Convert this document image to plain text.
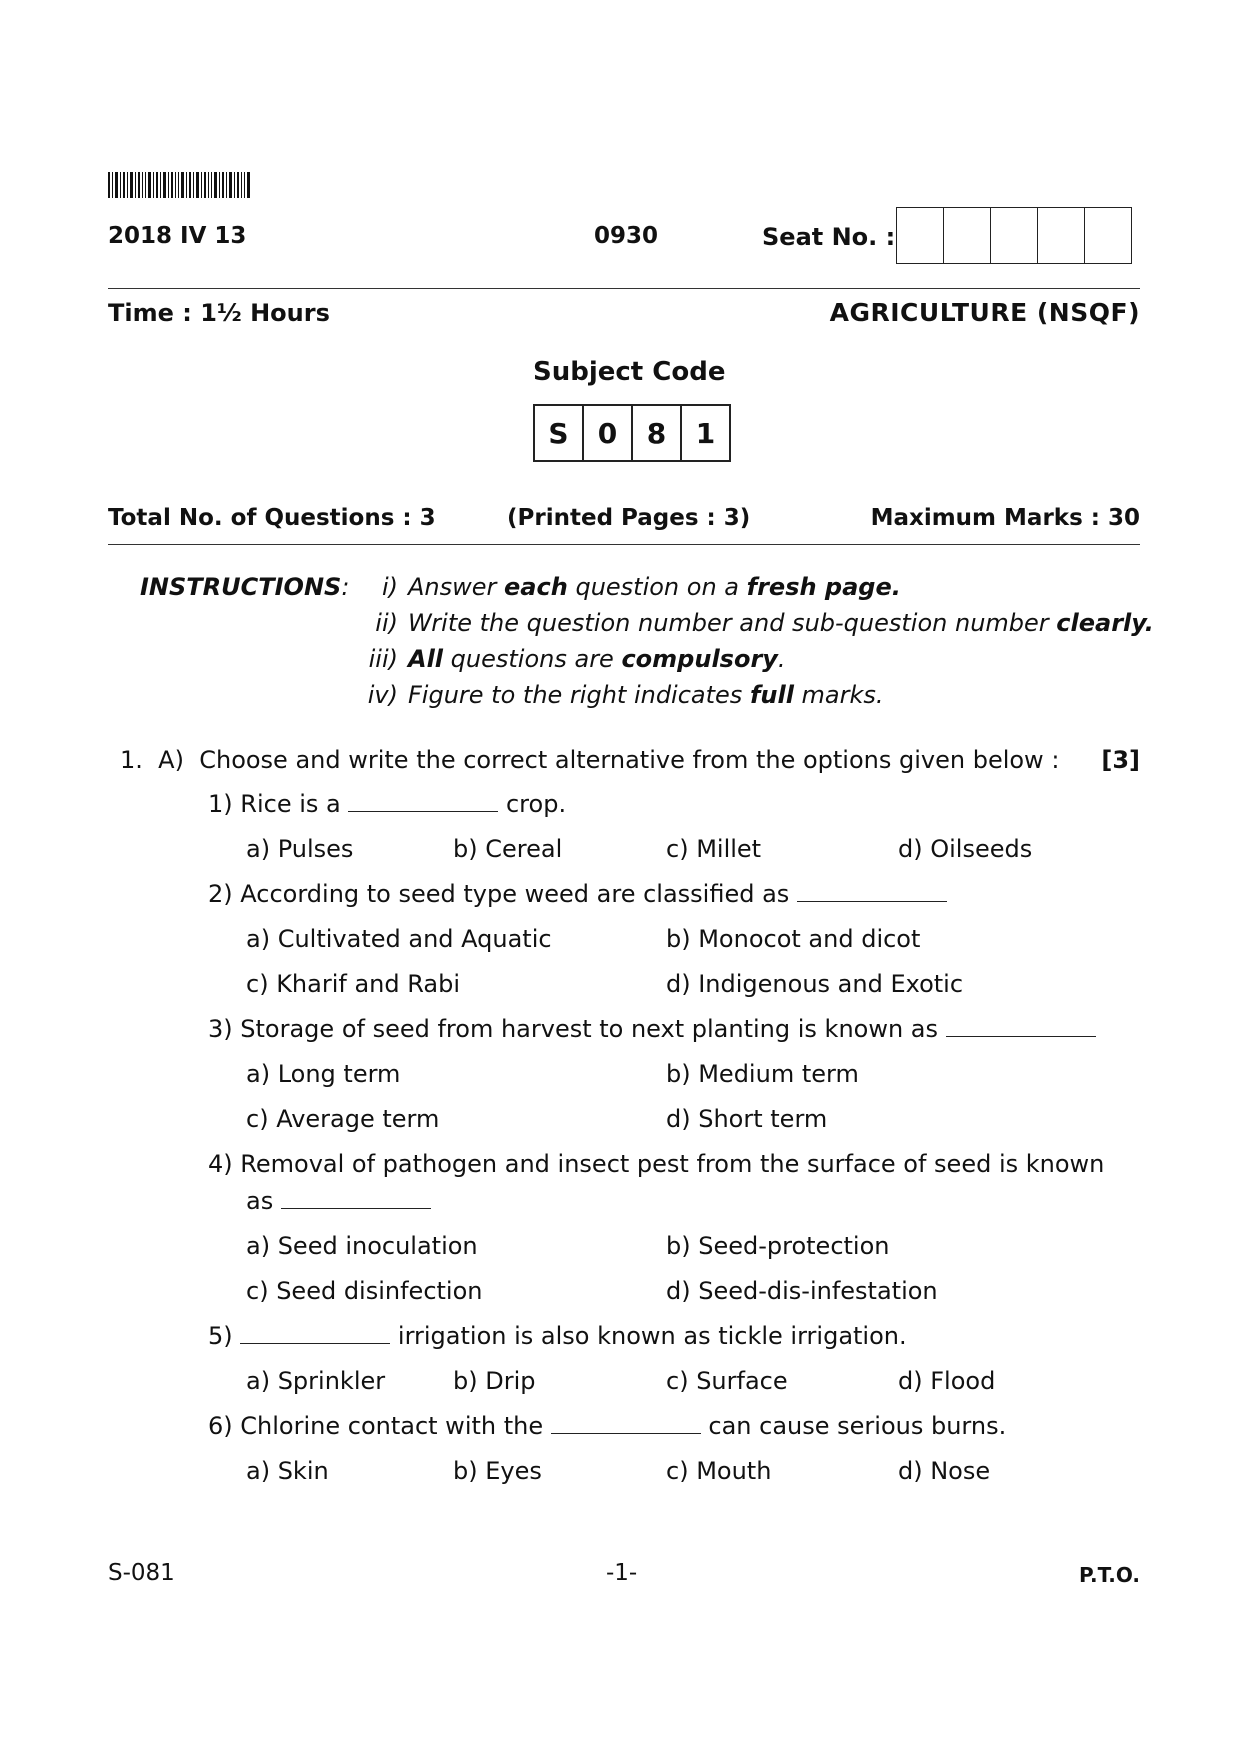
2018 IV 13	0930	Seat No. :
Time : 1½ Hours	AGRICULTURE (NSQF)
Subject Code
S	0	8	1
Total No. of Questions : 3	(Printed Pages : 3)	Maximum Marks : 30
INSTRUCTIONS:	i) Answer each question on a fresh page.
ii) Write the question number and sub-question number clearly.
iii) All questions are compulsory.
iv) Figure to the right indicates full marks.
1. A) Choose and write the correct alternative from the options given below : [3]
1) Rice is a	crop.
a) Pulses	b) Cereal	c) Millet	d) Oilseeds
2) According to seed type weed are classified as
a) Cultivated and Aquatic	b) Monocot and dicot
c) Kharif and Rabi	d) Indigenous and Exotic
3) Storage of seed from harvest to next planting is known as
a) Long term	b) Medium term
c) Average term	d) Short term
4) Removal of pathogen and insect pest from the surface of seed is known
as
a) Seed inoculation	b) Seed-protection
c) Seed disinfection	d) Seed-dis-infestation
5)	irrigation is also known as tickle irrigation.
a) Sprinkler	b) Drip	c) Surface	d) Flood
6) Chlorine contact with the	can cause serious burns.
a) Skin	b) Eyes	c) Mouth	d) Nose
S-081	-1-	P.T.O.
